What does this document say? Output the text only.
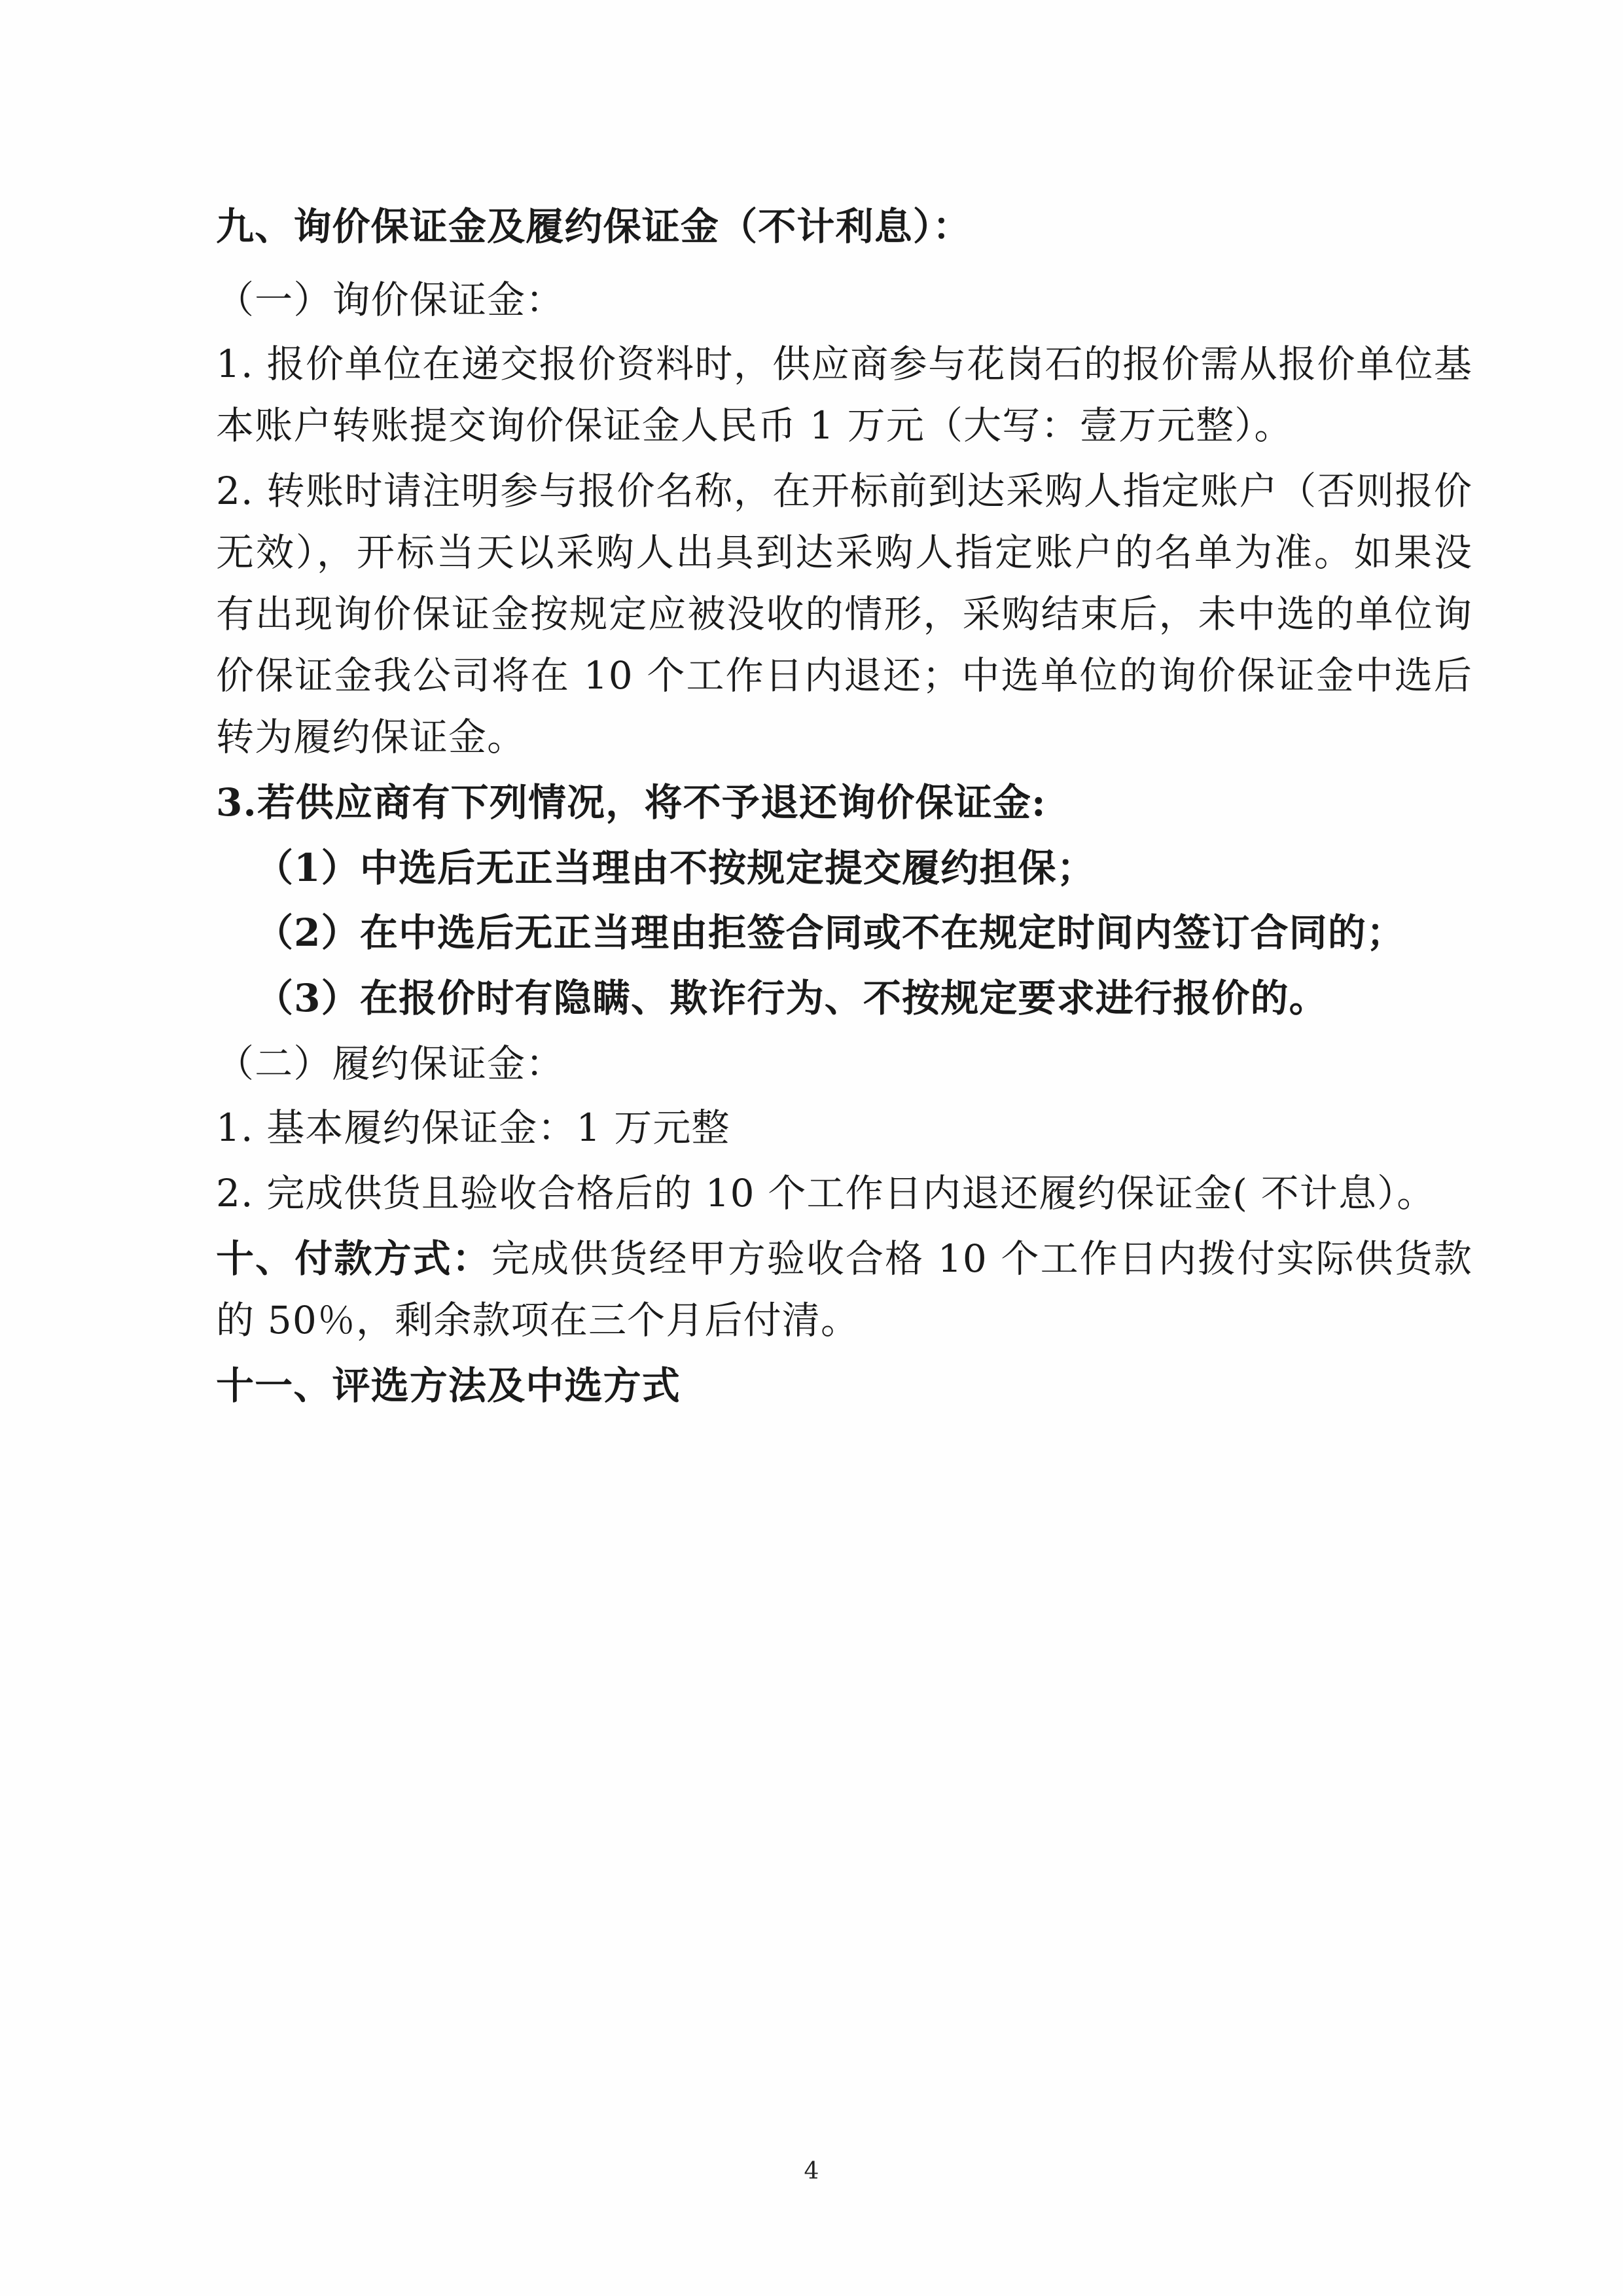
九、询价保证金及履约保证金（不计利息）：

（一）询价保证金：

1. 报价单位在递交报价资料时，供应商参与花岗石的报价需从报价单位基本账户转账提交询价保证金人民币 1 万元（大写：壹万元整）。

2. 转账时请注明参与报价名称，在开标前到达采购人指定账户（否则报价无效），开标当天以采购人出具到达采购人指定账户的名单为准。如果没有出现询价保证金按规定应被没收的情形，采购结束后，未中选的单位询价保证金我公司将在 10 个工作日内退还；中选单位的询价保证金中选后转为履约保证金。

3.若供应商有下列情况，将不予退还询价保证金:

（1）中选后无正当理由不按规定提交履约担保；

（2）在中选后无正当理由拒签合同或不在规定时间内签订合同的；

（3）在报价时有隐瞒、欺诈行为、不按规定要求进行报价的。

（二）履约保证金：

1. 基本履约保证金：1 万元整

2. 完成供货且验收合格后的 10 个工作日内退还履约保证金( 不计息）。

十、付款方式：完成供货经甲方验收合格 10 个工作日内拨付实际供货款的 50％，剩余款项在三个月后付清。

十一、评选方法及中选方式

4
